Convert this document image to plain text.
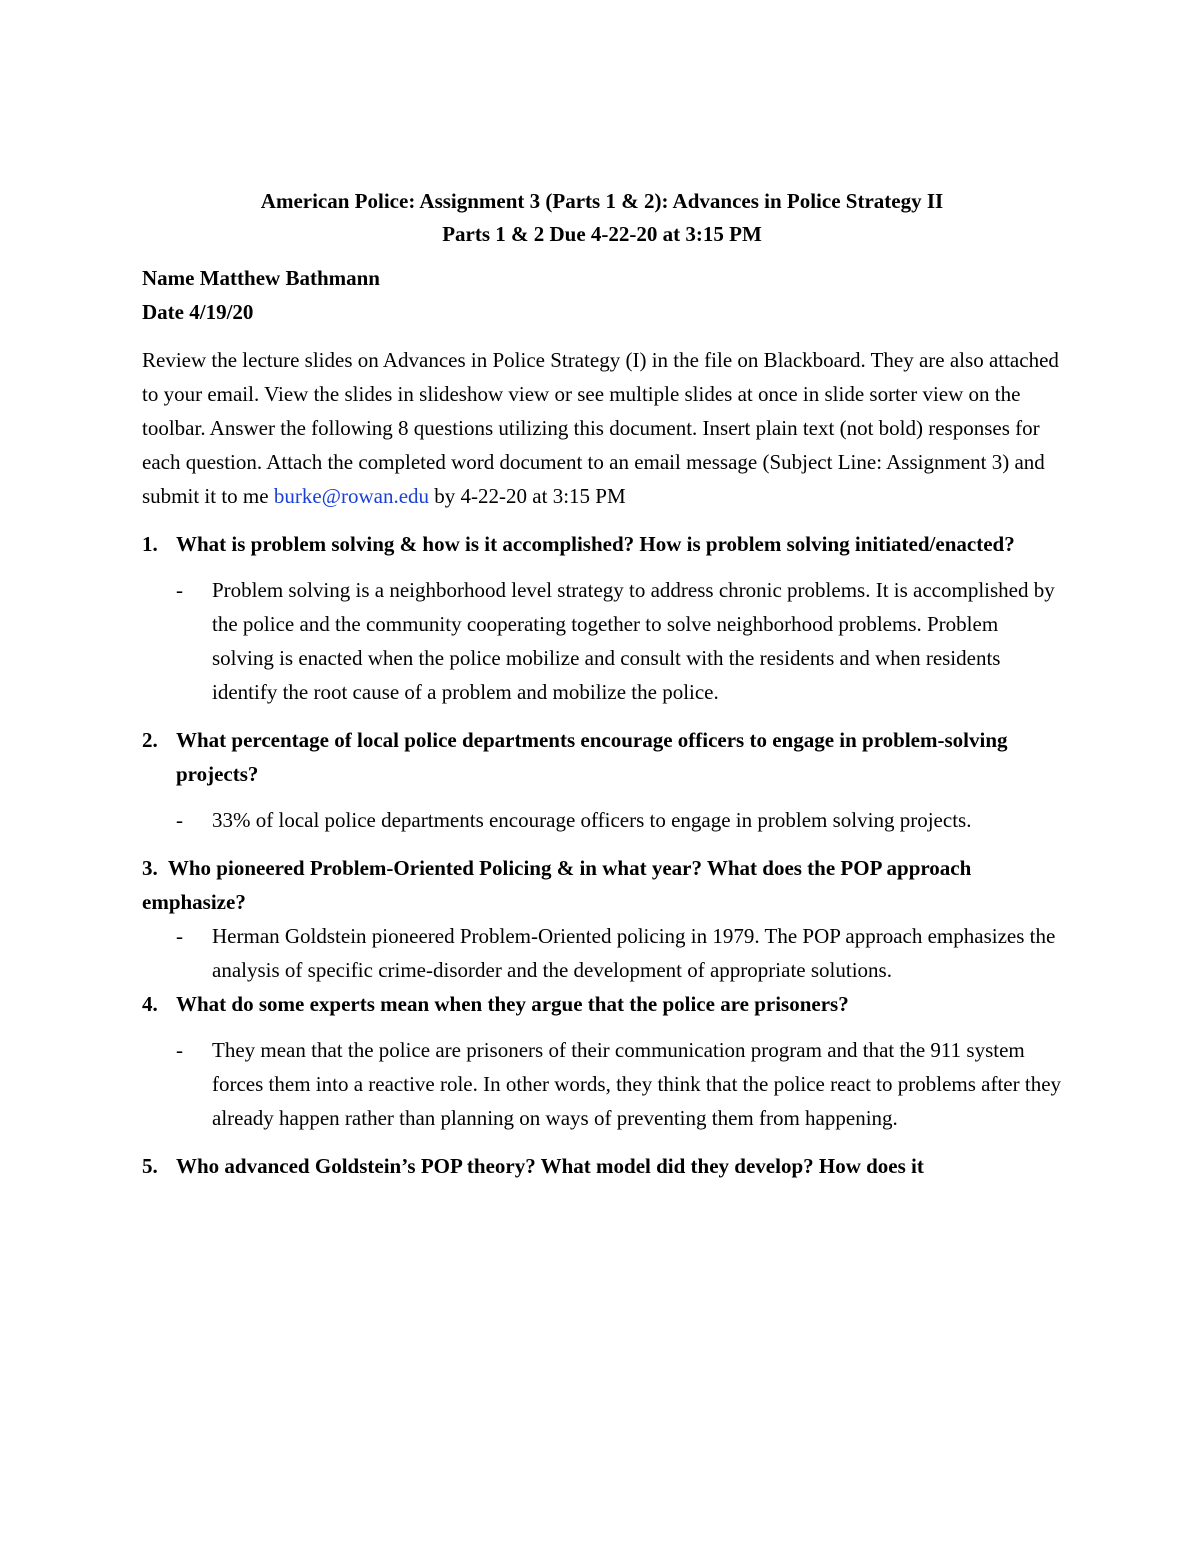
American Police: Assignment 3 (Parts 1 & 2): Advances in Police Strategy II
Parts 1 & 2 Due 4-22-20 at 3:15 PM
Name Matthew Bathmann
Date 4/19/20
Review the lecture slides on Advances in Police Strategy (I) in the file on Blackboard. They are also attached to your email. View the slides in slideshow view or see multiple slides at once in slide sorter view on the toolbar. Answer the following 8 questions utilizing this document. Insert plain text (not bold) responses for each question. Attach the completed word document to an email message (Subject Line: Assignment 3) and submit it to me burke@rowan.edu by 4-22-20 at 3:15 PM
1. What is problem solving & how is it accomplished? How is problem solving initiated/enacted?
-	Problem solving is a neighborhood level strategy to address chronic problems. It is accomplished by the police and the community cooperating together to solve neighborhood problems. Problem solving is enacted when the police mobilize and consult with the residents and when residents identify the root cause of a problem and mobilize the police.
2. What percentage of local police departments encourage officers to engage in problem-solving projects?
-	33% of local police departments encourage officers to engage in problem solving projects.
3. Who pioneered Problem-Oriented Policing & in what year? What does the POP approach emphasize?
-	Herman Goldstein pioneered Problem-Oriented policing in 1979. The POP approach emphasizes the analysis of specific crime-disorder and the development of appropriate solutions.
4. What do some experts mean when they argue that the police are prisoners?
-	They mean that the police are prisoners of their communication program and that the 911 system forces them into a reactive role. In other words, they think that the police react to problems after they already happen rather than planning on ways of preventing them from happening.
5. Who advanced Goldstein’s POP theory? What model did they develop? How does it
